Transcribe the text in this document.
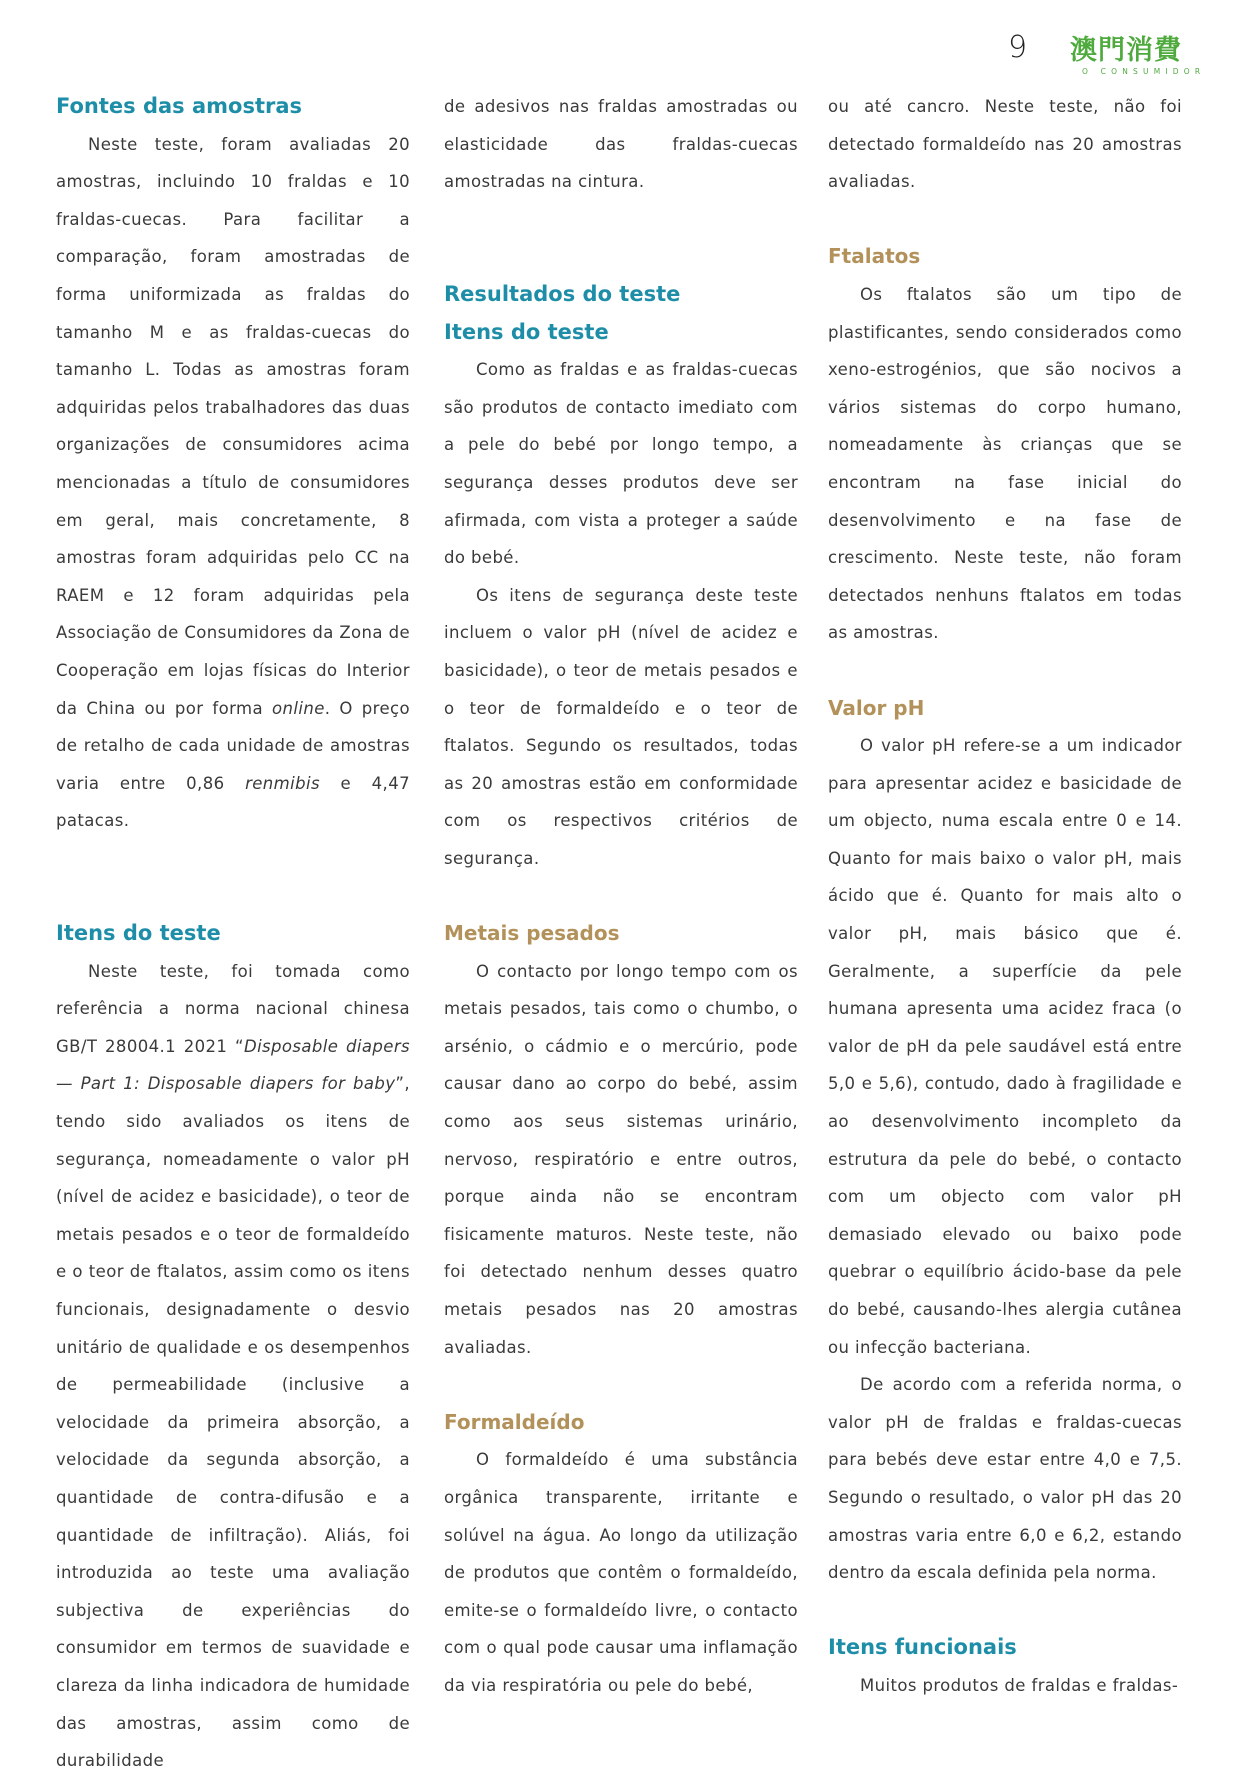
9 澳門消費
O CONSUMIDOR
Fontes das amostras

Neste teste, foram avaliadas 20 amostras, incluindo 10 fraldas e 10 fraldas-cuecas. Para facilitar a comparação, foram amostradas de forma uniformizada as fraldas do tamanho M e as fraldas-cuecas do tamanho L. Todas as amostras foram adquiridas pelos trabalhadores das duas organizações de consumidores acima mencionadas a título de consumidores em geral, mais concretamente, 8 amostras foram adquiridas pelo CC na RAEM e 12 foram adquiridas pela Associação de Consumidores da Zona de Cooperação em lojas físicas do Interior da China ou por forma online. O preço de retalho de cada unidade de amostras varia entre 0,86 renmibis e 4,47 patacas.

Itens do teste

Neste teste, foi tomada como referência a norma nacional chinesa GB/T 28004.1 2021 “Disposable diapers — Part 1: Disposable diapers for baby”, tendo sido avaliados os itens de segurança, nomeadamente o valor pH (nível de acidez e basicidade), o teor de metais pesados e o teor de formaldeído e o teor de ftalatos, assim como os itens funcionais, designadamente o desvio unitário de qualidade e os desempenhos de permeabilidade (inclusive a velocidade da primeira absorção, a velocidade da segunda absorção, a quantidade de contra-difusão e a quantidade de infiltração). Aliás, foi introduzida ao teste uma avaliação subjectiva de experiências do consumidor em termos de suavidade e clareza da linha indicadora de humidade das amostras, assim como de durabilidade

de adesivos nas fraldas amostradas ou elasticidade das fraldas-cuecas amostradas na cintura.

Resultados do teste
Itens do teste

Como as fraldas e as fraldas-cuecas são produtos de contacto imediato com a pele do bebé por longo tempo, a segurança desses produtos deve ser afirmada, com vista a proteger a saúde do bebé.

Os itens de segurança deste teste incluem o valor pH (nível de acidez e basicidade), o teor de metais pesados e o teor de formaldeído e o teor de ftalatos. Segundo os resultados, todas as 20 amostras estão em conformidade com os respectivos critérios de segurança.

Metais pesados

O contacto por longo tempo com os metais pesados, tais como o chumbo, o arsénio, o cádmio e o mercúrio, pode causar dano ao corpo do bebé, assim como aos seus sistemas urinário, nervoso, respiratório e entre outros, porque ainda não se encontram fisicamente maturos. Neste teste, não foi detectado nenhum desses quatro metais pesados nas 20 amostras avaliadas.

Formaldeído

O formaldeído é uma substância orgânica transparente, irritante e solúvel na água. Ao longo da utilização de produtos que contêm o formaldeído, emite-se o formaldeído livre, o contacto com o qual pode causar uma inflamação da via respiratória ou pele do bebé,

ou até cancro. Neste teste, não foi detectado formaldeído nas 20 amostras avaliadas.

Ftalatos

Os ftalatos são um tipo de plastificantes, sendo considerados como xeno-estrogénios, que são nocivos a vários sistemas do corpo humano, nomeadamente às crianças que se encontram na fase inicial do desenvolvimento e na fase de crescimento. Neste teste, não foram detectados nenhuns ftalatos em todas as amostras.

Valor pH

O valor pH refere-se a um indicador para apresentar acidez e basicidade de um objecto, numa escala entre 0 e 14. Quanto for mais baixo o valor pH, mais ácido que é. Quanto for mais alto o valor pH, mais básico que é. Geralmente, a superfície da pele humana apresenta uma acidez fraca (o valor de pH da pele saudável está entre 5,0 e 5,6), contudo, dado à fragilidade e ao desenvolvimento incompleto da estrutura da pele do bebé, o contacto com um objecto com valor pH demasiado elevado ou baixo pode quebrar o equilíbrio ácido-base da pele do bebé, causando-lhes alergia cutânea ou infecção bacteriana.

De acordo com a referida norma, o valor pH de fraldas e fraldas-cuecas para bebés deve estar entre 4,0 e 7,5. Segundo o resultado, o valor pH das 20 amostras varia entre 6,0 e 6,2, estando dentro da escala definida pela norma.

Itens funcionais

Muitos produtos de fraldas e fraldas-
